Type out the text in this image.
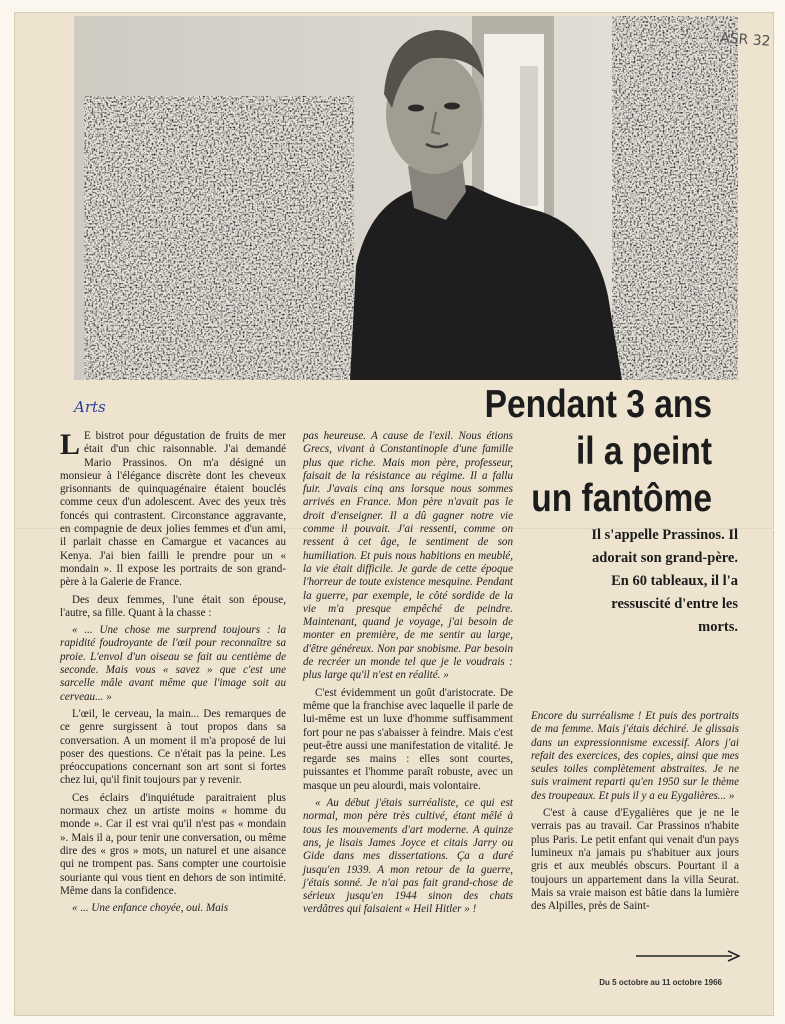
ASR 32
Arts	Pendant 3 ans
il a peint
un fantôme
Il s'appelle Prassinos. Il adorait son grand-père. En 60 tableaux, il l'a ressuscité d'entre les morts.

L E bistrot pour dégustation de fruits de mer était d'un chic raisonnable. J'ai demandé Mario Prassinos. On m'a désigné un monsieur à l'élégance discrète dont les cheveux grisonnants de quinquagénaire étaient bouclés comme ceux d'un adolescent. Avec des yeux très foncés qui contrastent. Circonstance aggravante, en compagnie de deux jolies femmes et d'un ami, il parlait chasse en Camargue et vacances au Kenya. J'ai bien failli le prendre pour un « mondain ». Il expose les portraits de son grand-père à la Galerie de France.

Des deux femmes, l'une était son épouse, l'autre, sa fille. Quant à la chasse :

« ... Une chose me surprend toujours : la rapidité foudroyante de l'œil pour reconnaître sa proie. L'envol d'un oiseau se fait au centième de seconde. Mais vous « savez » que c'est une sarcelle mâle avant même que l'image soit au cerveau... »

L'œil, le cerveau, la main... Des remarques de ce genre surgissent à tout propos dans sa conversation. A un moment il m'a proposé de lui poser des questions. Ce n'était pas la peine. Les préoccupations concernant son art sont si fortes chez lui, qu'il finit toujours par y revenir.

Ces éclairs d'inquiétude paraitraient plus normaux chez un artiste moins « homme du monde ». Car il est vrai qu'il n'est pas « mondain ». Mais il a, pour tenir une conversation, ou même dire des « gros » mots, un naturel et une aisance qui ne trompent pas. Sans compter une courtoisie souriante qui vous tient en dehors de son intimité. Même dans la confidence.

« ... Une enfance choyée, oui. Mais

pas heureuse. A cause de l'exil. Nous étions Grecs, vivant à Constantinople d'une famille plus que riche. Mais mon père, professeur, faisait de la résistance au régime. Il a fallu fuir. J'avais cinq ans lorsque nous sommes arrivés en France. Mon père n'avait pas le droit d'enseigner. Il a dû gagner notre vie comme il pouvait. J'ai ressenti, comme on ressent à cet âge, le sentiment de son humiliation. Et puis nous habitions en meublé, la vie était difficile. Je garde de cette époque l'horreur de toute existence mesquine. Pendant la guerre, par exemple, le côté sordide de la vie m'a presque empêché de peindre. Maintenant, quand je voyage, j'ai besoin de monter en première, de me sentir au large, d'être généreux. Non par snobisme. Par besoin de recréer un monde tel que je le voudrais : plus large qu'il n'est en réalité. »

C'est évidemment un goût d'aristocrate. De même que la franchise avec laquelle il parle de lui-même est un luxe d'homme suffisamment fort pour ne pas s'abaisser à feindre. Mais c'est peut-être aussi une manifestation de vitalité. Je regarde ses mains : elles sont courtes, puissantes et l'homme paraît robuste, avec un masque un peu alourdi, mais volontaire.

« Au début j'étais surréaliste, ce qui est normal, mon père très cultivé, étant mêlé à tous les mouvements d'art moderne. A quinze ans, je lisais James Joyce et citais Jarry ou Gide dans mes dissertations. Ça a duré jusqu'en 1939. A mon retour de la guerre, j'étais sonné. Je n'ai pas fait grand-chose de sérieux jusqu'en 1944 sinon des chats verdâtres qui faisaient « Heil Hitler » !

Encore du surréalisme ! Et puis des portraits de ma femme. Mais j'étais déchiré. Je glissais dans un expressionnisme excessif. Alors j'ai refait des exercices, des copies, ainsi que mes seules toiles complètement abstraites. Je ne suis vraiment reparti qu'en 1950 sur le thème des troupeaux. Et puis il y a eu Eygalières... »

C'est à cause d'Eygalières que je ne le verrais pas au travail. Car Prassinos n'habite plus Paris. Le petit enfant qui venait d'un pays lumineux n'a jamais pu s'habituer aux jours gris et aux meublés obscurs. Pourtant il a toujours un appartement dans la villa Seurat. Mais sa vraie maison est bâtie dans la lumière des Alpilles, près de Saint-

Du 5 octobre au 11 octobre 1966
